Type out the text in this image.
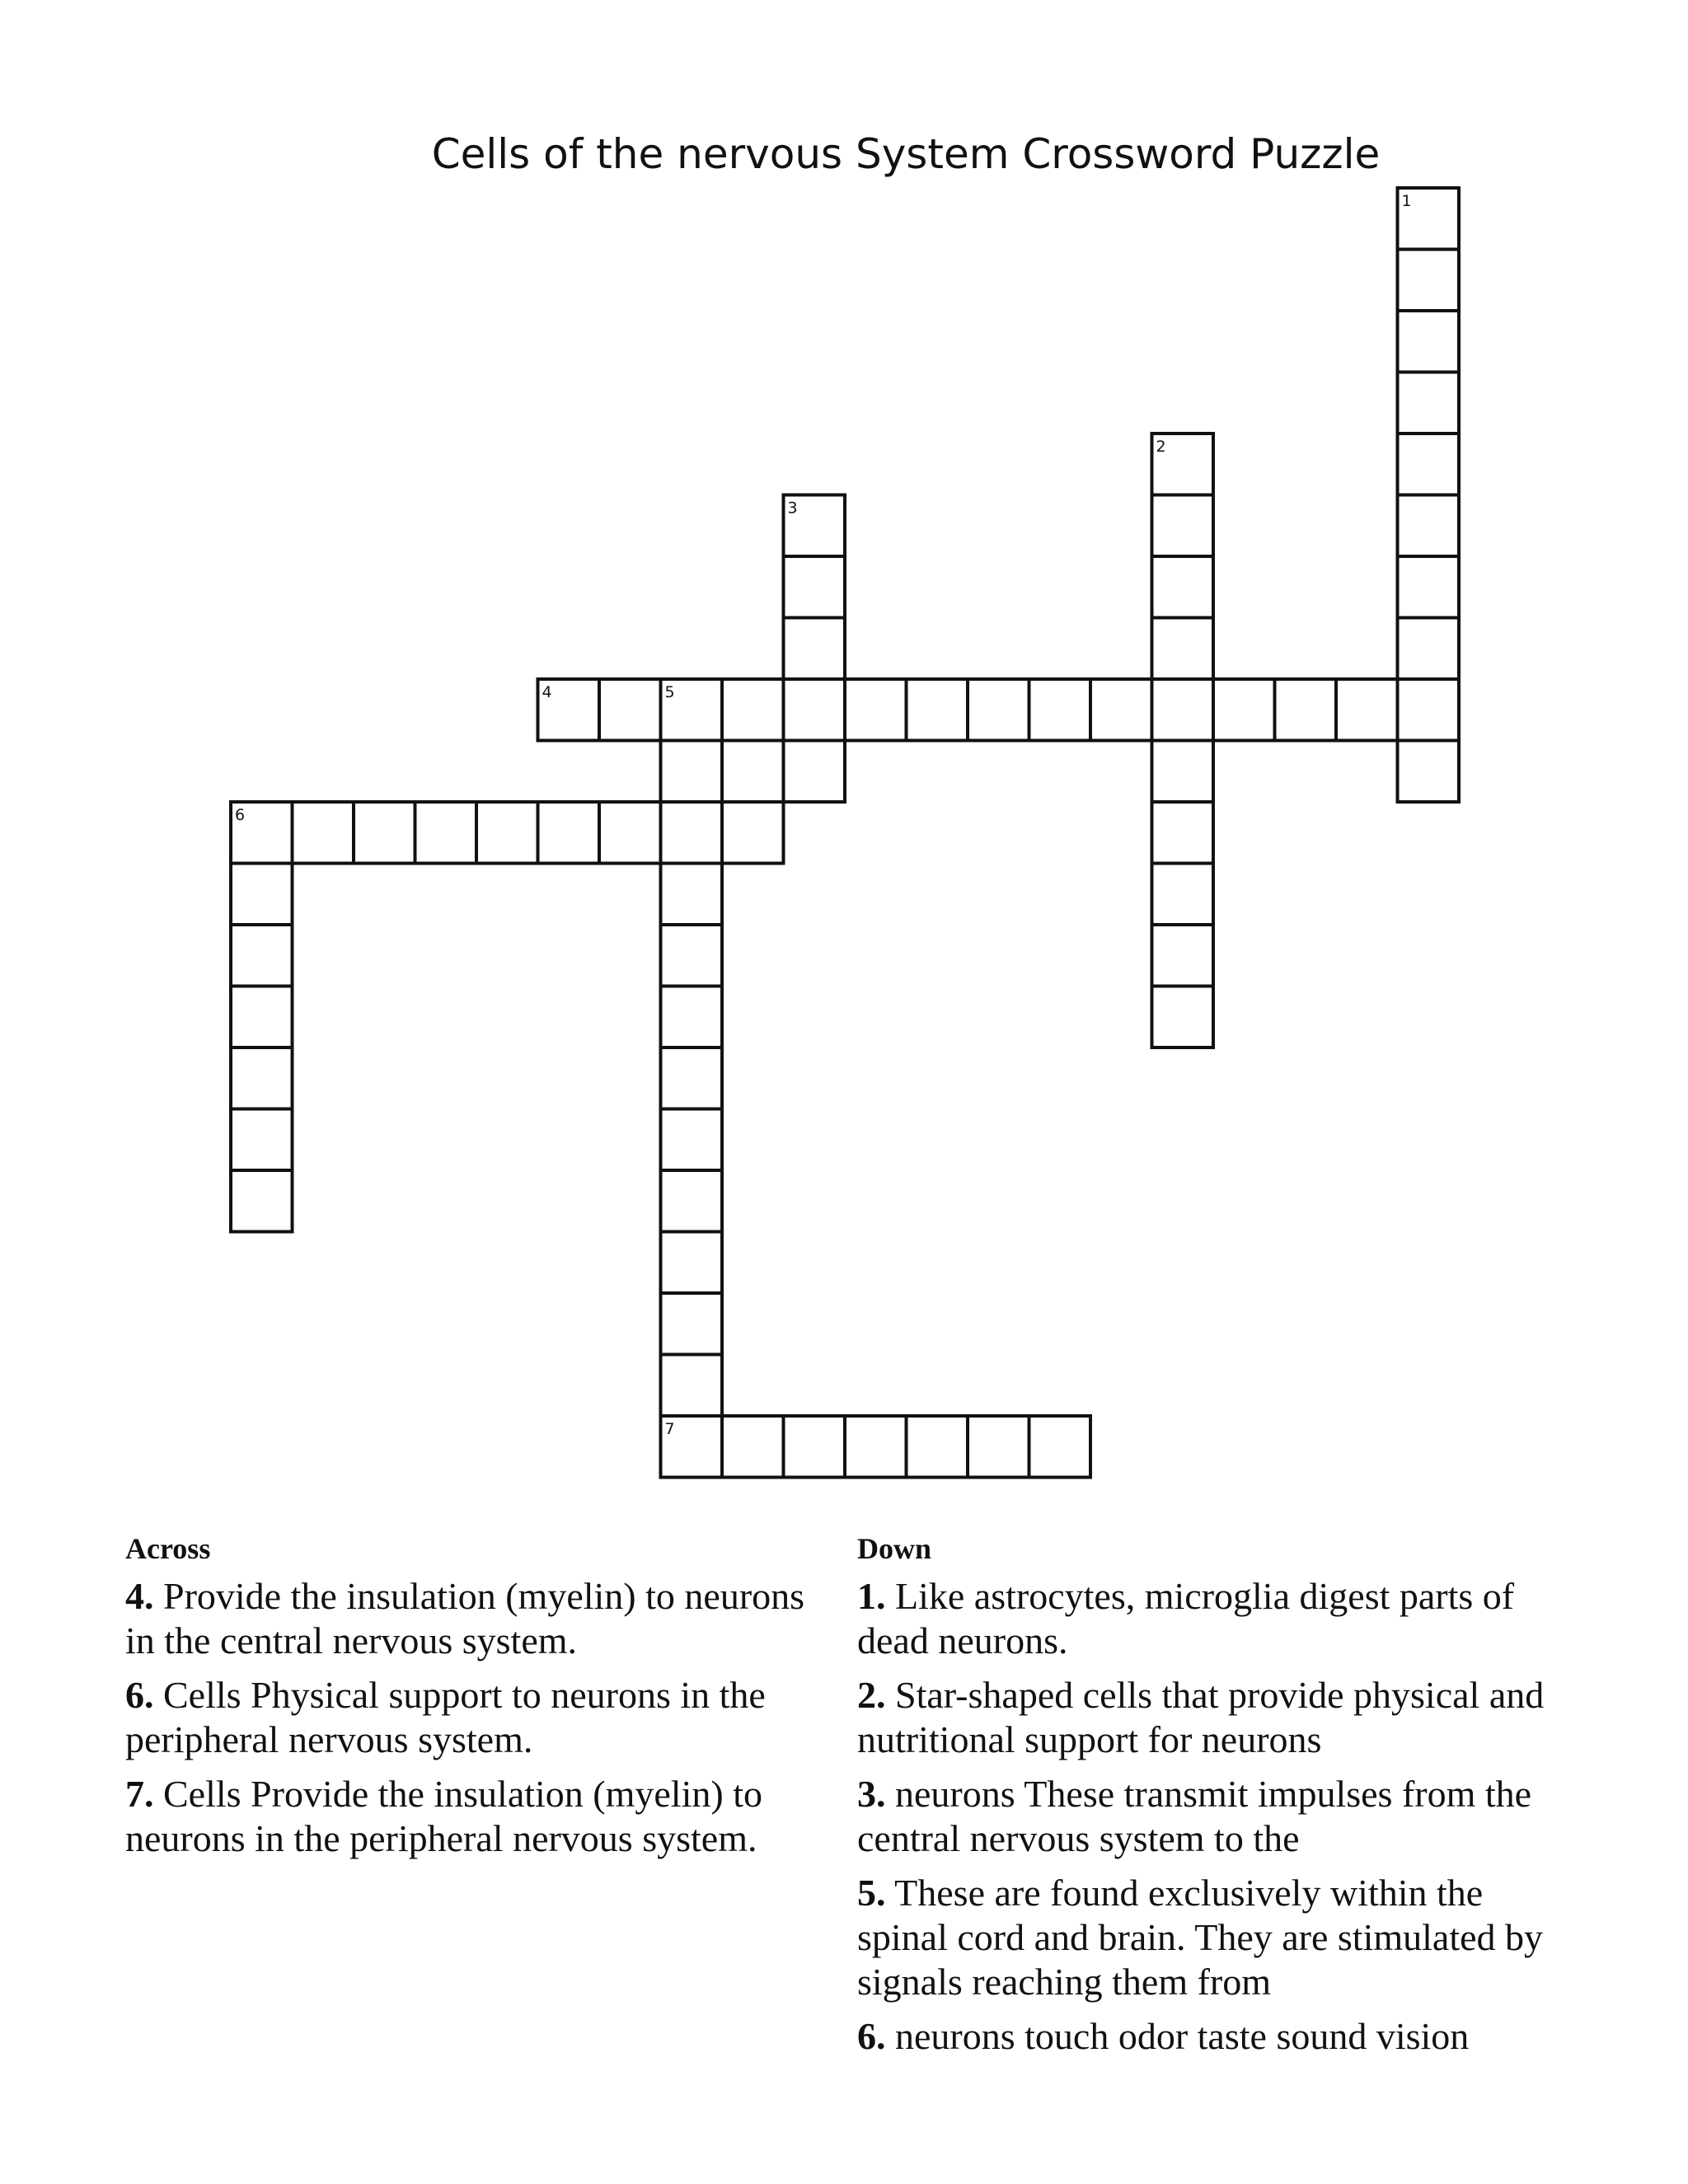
Cells of the nervous System Crossword Puzzle
1
2
3
4	5
6
7
Across
4. Provide the insulation (myelin) to neurons in the central nervous system.
6. Cells Physical support to neurons in the peripheral nervous system.
7. Cells Provide the insulation (myelin) to neurons in the peripheral nervous system.
Down
1. Like astrocytes, microglia digest parts of dead neurons.
2. Star-shaped cells that provide physical and nutritional support for neurons
3. neurons These transmit impulses from the central nervous system to the
5. These are found exclusively within the spinal cord and brain. They are stimulated by signals reaching them from
6. neurons touch odor taste sound vision
